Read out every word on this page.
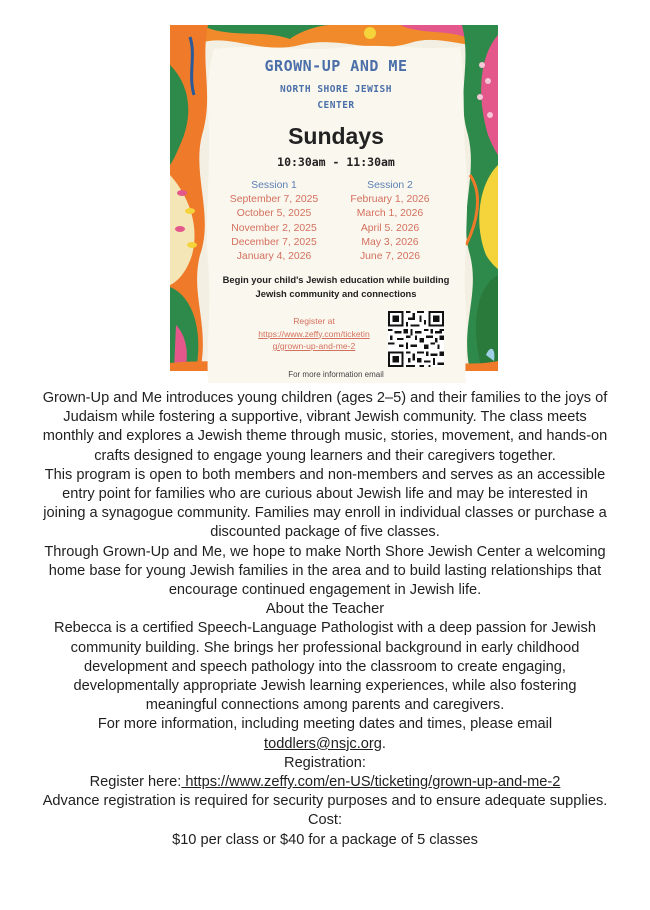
GROWN-UP AND ME

NORTH SHORE JEWISH

CENTER

Sundays

10:30am - 11:30am

Session 1
September 7, 2025
October 5, 2025
November 2, 2025
December 7, 2025
January 4, 2026
Session 2
February 1, 2026
March 1, 2026
April 5. 2026
May 3, 2026
June 7, 2026
Begin your child's Jewish education while building
Jewish community and connections
Register at
https://www.zeffy.com/ticketin
g/grown-up-and-me-2

For more information email

Grown-Up and Me introduces young children (ages 2–5) and their families to the joys of Judaism while fostering a supportive, vibrant Jewish community. The class meets monthly and explores a Jewish theme through music, stories, movement, and hands-on crafts designed to engage young learners and their caregivers together.

This program is open to both members and non-members and serves as an accessible entry point for families who are curious about Jewish life and may be interested in joining a synagogue community. Families may enroll in individual classes or purchase a discounted package of five classes.

Through Grown-Up and Me, we hope to make North Shore Jewish Center a welcoming home base for young Jewish families in the area and to build lasting relationships that encourage continued engagement in Jewish life.

About the Teacher

Rebecca is a certified Speech-Language Pathologist with a deep passion for Jewish community building. She brings her professional background in early childhood development and speech pathology into the classroom to create engaging, developmentally appropriate Jewish learning experiences, while also fostering meaningful connections among parents and caregivers.

For more information, including meeting dates and times, please email toddlers@nsjc.org.

Registration:

Register here: https://www.zeffy.com/en-US/ticketing/grown-up-and-me-2

Advance registration is required for security purposes and to ensure adequate supplies.

Cost:

$10 per class or $40 for a package of 5 classes
